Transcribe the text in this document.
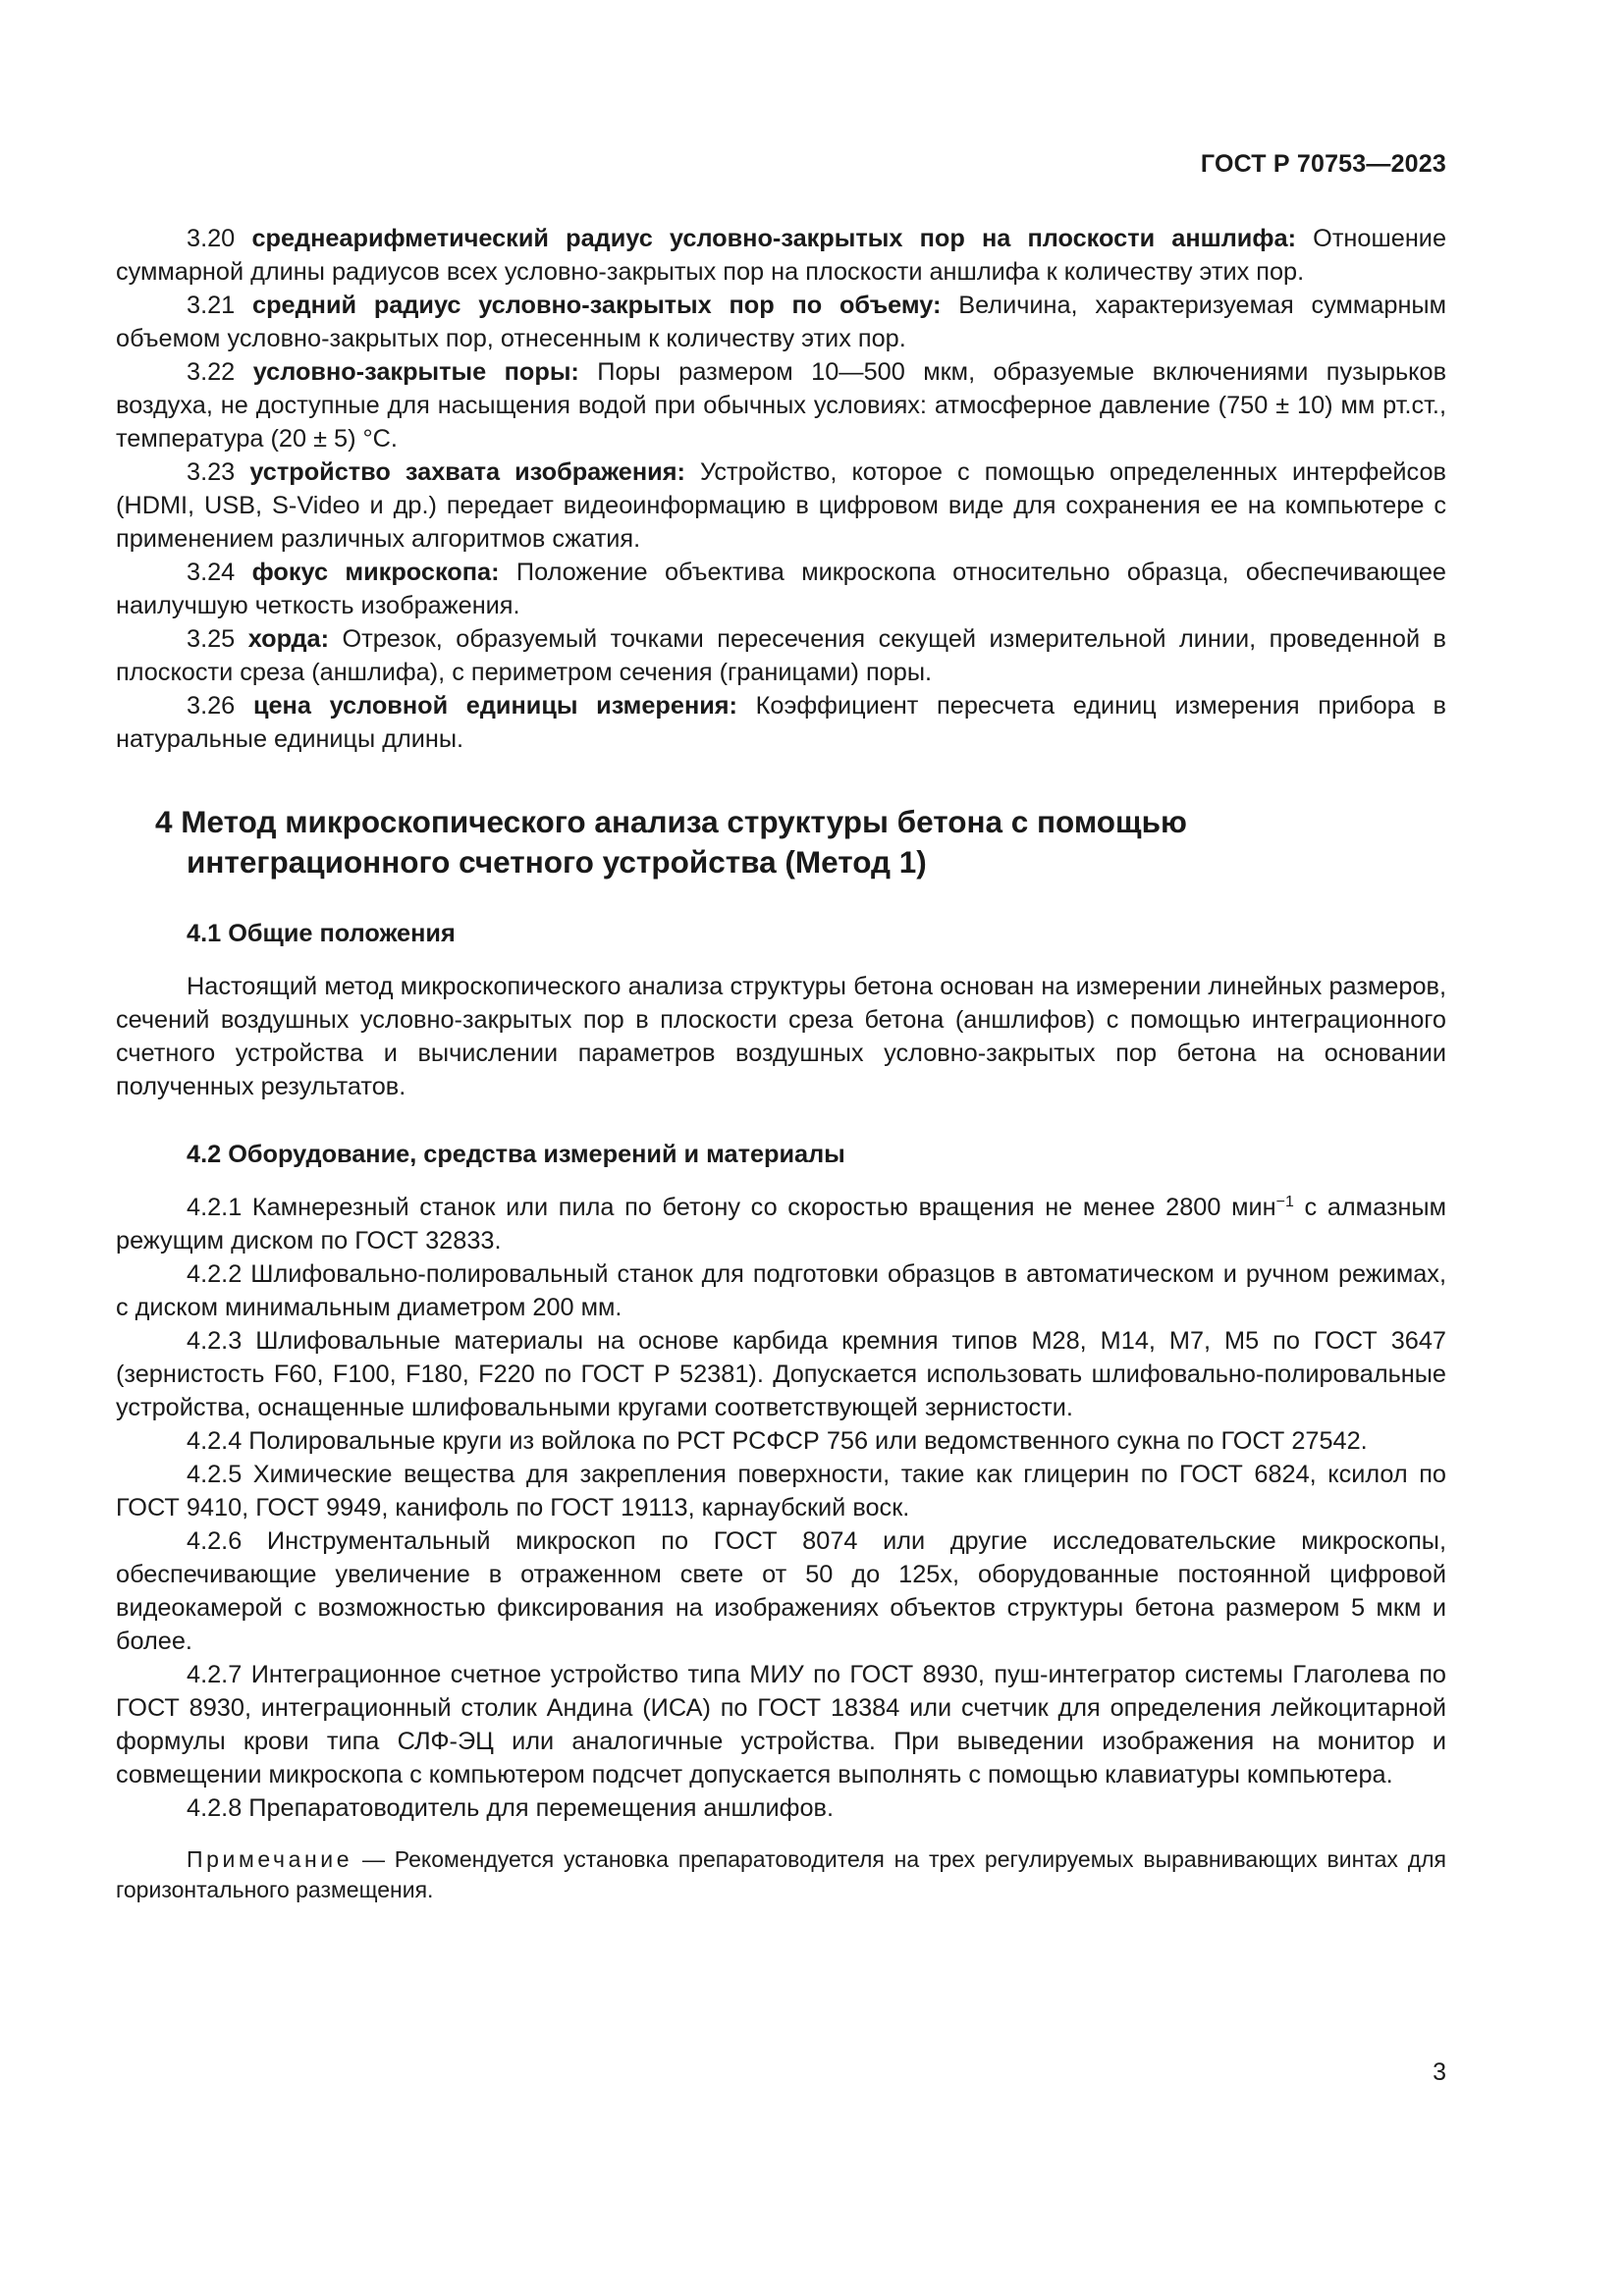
ГОСТ Р 70753—2023

3.20 среднеарифметический радиус условно-закрытых пор на плоскости аншлифа: Отношение суммарной длины радиусов всех условно-закрытых пор на плоскости аншлифа к количеству этих пор.

3.21 средний радиус условно-закрытых пор по объему: Величина, характеризуемая суммарным объемом условно-закрытых пор, отнесенным к количеству этих пор.

3.22 условно-закрытые поры: Поры размером 10—500 мкм, образуемые включениями пузырьков воздуха, не доступные для насыщения водой при обычных условиях: атмосферное давление (750 ± 10) мм рт.ст., температура (20 ± 5) °С.

3.23 устройство захвата изображения: Устройство, которое с помощью определенных интерфейсов (HDMI, USB, S-Video и др.) передает видеоинформацию в цифровом виде для сохранения ее на компьютере с применением различных алгоритмов сжатия.

3.24 фокус микроскопа: Положение объектива микроскопа относительно образца, обеспечивающее наилучшую четкость изображения.

3.25 хорда: Отрезок, образуемый точками пересечения секущей измерительной линии, проведенной в плоскости среза (аншлифа), с периметром сечения (границами) поры.

3.26 цена условной единицы измерения: Коэффициент пересчета единиц измерения прибора в натуральные единицы длины.

4 Метод микроскопического анализа структуры бетона с помощью интеграционного счетного устройства (Метод 1)
4.1 Общие положения

Настоящий метод микроскопического анализа структуры бетона основан на измерении линейных размеров, сечений воздушных условно-закрытых пор в плоскости среза бетона (аншлифов) с помощью интеграционного счетного устройства и вычислении параметров воздушных условно-закрытых пор бетона на основании полученных результатов.

4.2 Оборудование, средства измерений и материалы

4.2.1 Камнерезный станок или пила по бетону со скоростью вращения не менее 2800 мин$^{-1}$ с алмазным режущим диском по ГОСТ 32833.

4.2.2 Шлифовально-полировальный станок для подготовки образцов в автоматическом и ручном режимах, с диском минимальным диаметром 200 мм.

4.2.3 Шлифовальные материалы на основе карбида кремния типов М28, М14, М7, М5 по ГОСТ 3647 (зернистость F60, F100, F180, F220 по ГОСТ Р 52381). Допускается использовать шлифовально-полировальные устройства, оснащенные шлифовальными кругами соответствующей зернистости.

4.2.4 Полировальные круги из войлока по РСТ РСФСР 756 или ведомственного сукна по ГОСТ 27542.

4.2.5 Химические вещества для закрепления поверхности, такие как глицерин по ГОСТ 6824, ксилол по ГОСТ 9410, ГОСТ 9949, канифоль по ГОСТ 19113, карнаубский воск.

4.2.6 Инструментальный микроскоп по ГОСТ 8074 или другие исследовательские микроскопы, обеспечивающие увеличение в отраженном свете от 50 до 125х, оборудованные постоянной цифровой видеокамерой с возможностью фиксирования на изображениях объектов структуры бетона размером 5 мкм и более.

4.2.7 Интеграционное счетное устройство типа МИУ по ГОСТ 8930, пуш-интегратор системы Глаголева по ГОСТ 8930, интеграционный столик Андина (ИСА) по ГОСТ 18384 или счетчик для определения лейкоцитарной формулы крови типа СЛФ-ЭЦ или аналогичные устройства. При выведении изображения на монитор и совмещении микроскопа с компьютером подсчет допускается выполнять с помощью клавиатуры компьютера.

4.2.8 Препаратоводитель для перемещения аншлифов.

Примечание — Рекомендуется установка препаратоводителя на трех регулируемых выравнивающих винтах для горизонтального размещения.

3
